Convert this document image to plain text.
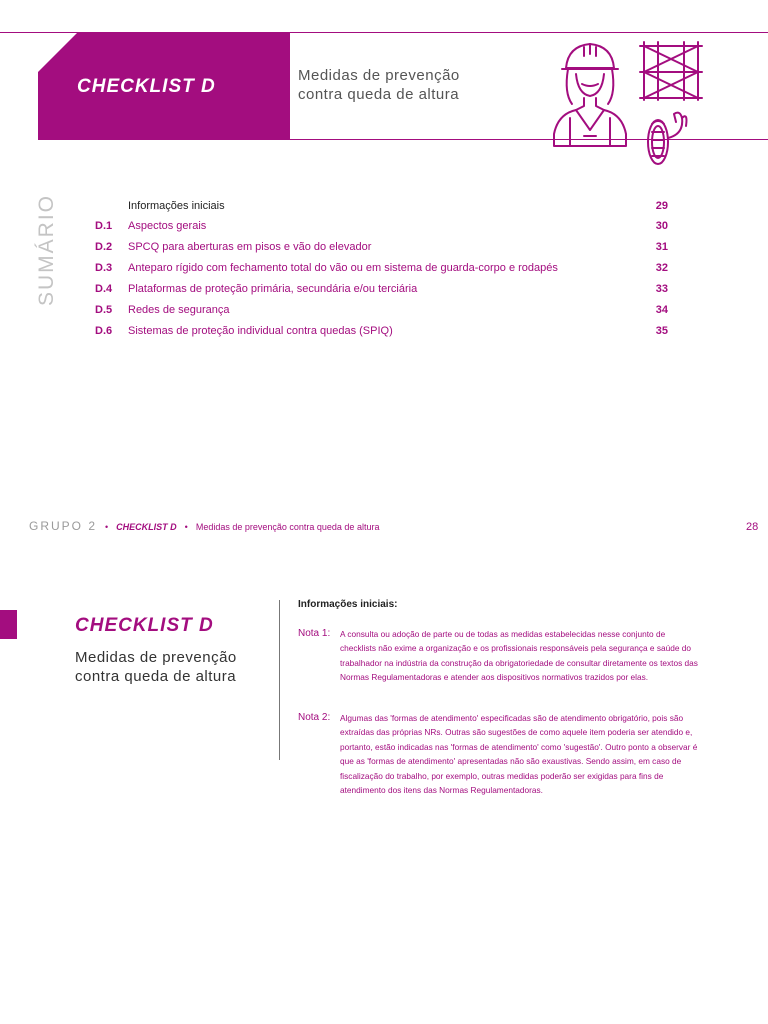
CHECKLIST D
Medidas de prevenção
contra queda de altura
SUMÁRIO	Informações iniciais	29
D.1 Aspectos gerais	30
D.2 SPCQ para aberturas em pisos e vão do elevador	31
D.3 Anteparo rígido com fechamento total do vão ou em sistema de guarda-corpo e rodapés	32
D.4 Plataformas de proteção primária, secundária e/ou terciária	33
D.5 Redes de segurança	34
D.6 Sistemas de proteção individual contra quedas (SPIQ)	35
GRUPO 2 • CHECKLIST D • Medidas de prevenção contra queda de altura	28
CHECKLIST D
Medidas de prevenção
contra queda de altura
Informações iniciais:
Nota 1: A consulta ou adoção de parte ou de todas as medidas estabelecidas nesse conjunto de checklists não exime a organização e os profissionais responsáveis pela segurança e saúde do trabalhador na indústria da construção da obrigatoriedade de consultar diretamente os textos das Normas Regulamentadoras e atender aos dispositivos normativos trazidos por elas.
Nota 2: Algumas das 'formas de atendimento' especificadas são de atendimento obrigatório, pois são extraídas das próprias NRs. Outras são sugestões de como aquele item poderia ser atendido e, portanto, estão indicadas nas 'formas de atendimento' como 'sugestão'. Outro ponto a observar é que as 'formas de atendimento' apresentadas não são exaustivas. Sendo assim, em caso de fiscalização do trabalho, por exemplo, outras medidas poderão ser exigidas para fins de atendimento dos itens das Normas Regulamentadoras.
